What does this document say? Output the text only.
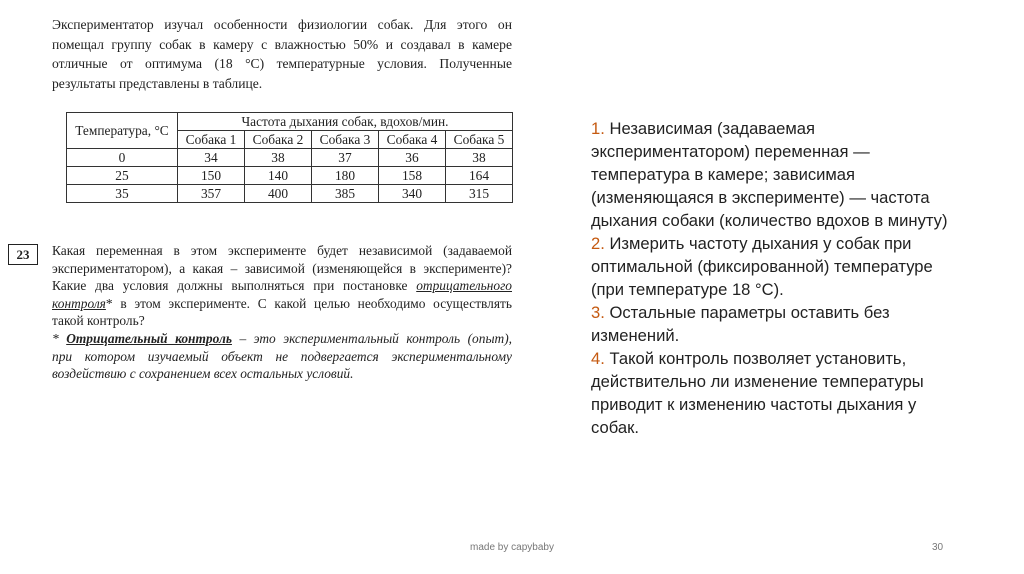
Экспериментатор изучал особенности физиологии собак. Для этого он
помещал группу собак в камеру с влажностью 50% и создавал в камере
отличные от оптимума (18 °С) температурные условия. Полученные
результаты представлены в таблице.
Температура, °С	Частота дыхания собак, вдохов/мин.				
	Собака 1	Собака 2	Собака 3	Собака 4	Собака 5
0	34	38	37	36	38
25	150	140	180	158	164
35	357	400	385	340	315
23	Какая переменная в этом эксперименте будет независимой (задаваемой
экспериментатором), а какая – зависимой (изменяющейся в эксперименте)?
Какие два условия должны выполняться при постановке отрицательного
контроля* в этом эксперименте. С какой целью необходимо осуществлять
такой контроль?
* Отрицательный контроль – это экспериментальный контроль (опыт),
при котором изучаемый объект не подвергается экспериментальному
воздействию с сохранением всех остальных условий.
1. Независимая (задаваемая
экспериментатором) переменная —
температура в камере; зависимая
(изменяющаяся в эксперименте) — частота
дыхания собаки (количество вдохов в минуту)
2. Измерить частоту дыхания у собак при
оптимальной (фиксированной) температуре
(при температуре 18 °С).
3. Остальные параметры оставить без
изменений.
4. Такой контроль позволяет установить,
действительно ли изменение температуры
приводит к изменению частоты дыхания у
собак.
made by capybaby	30
